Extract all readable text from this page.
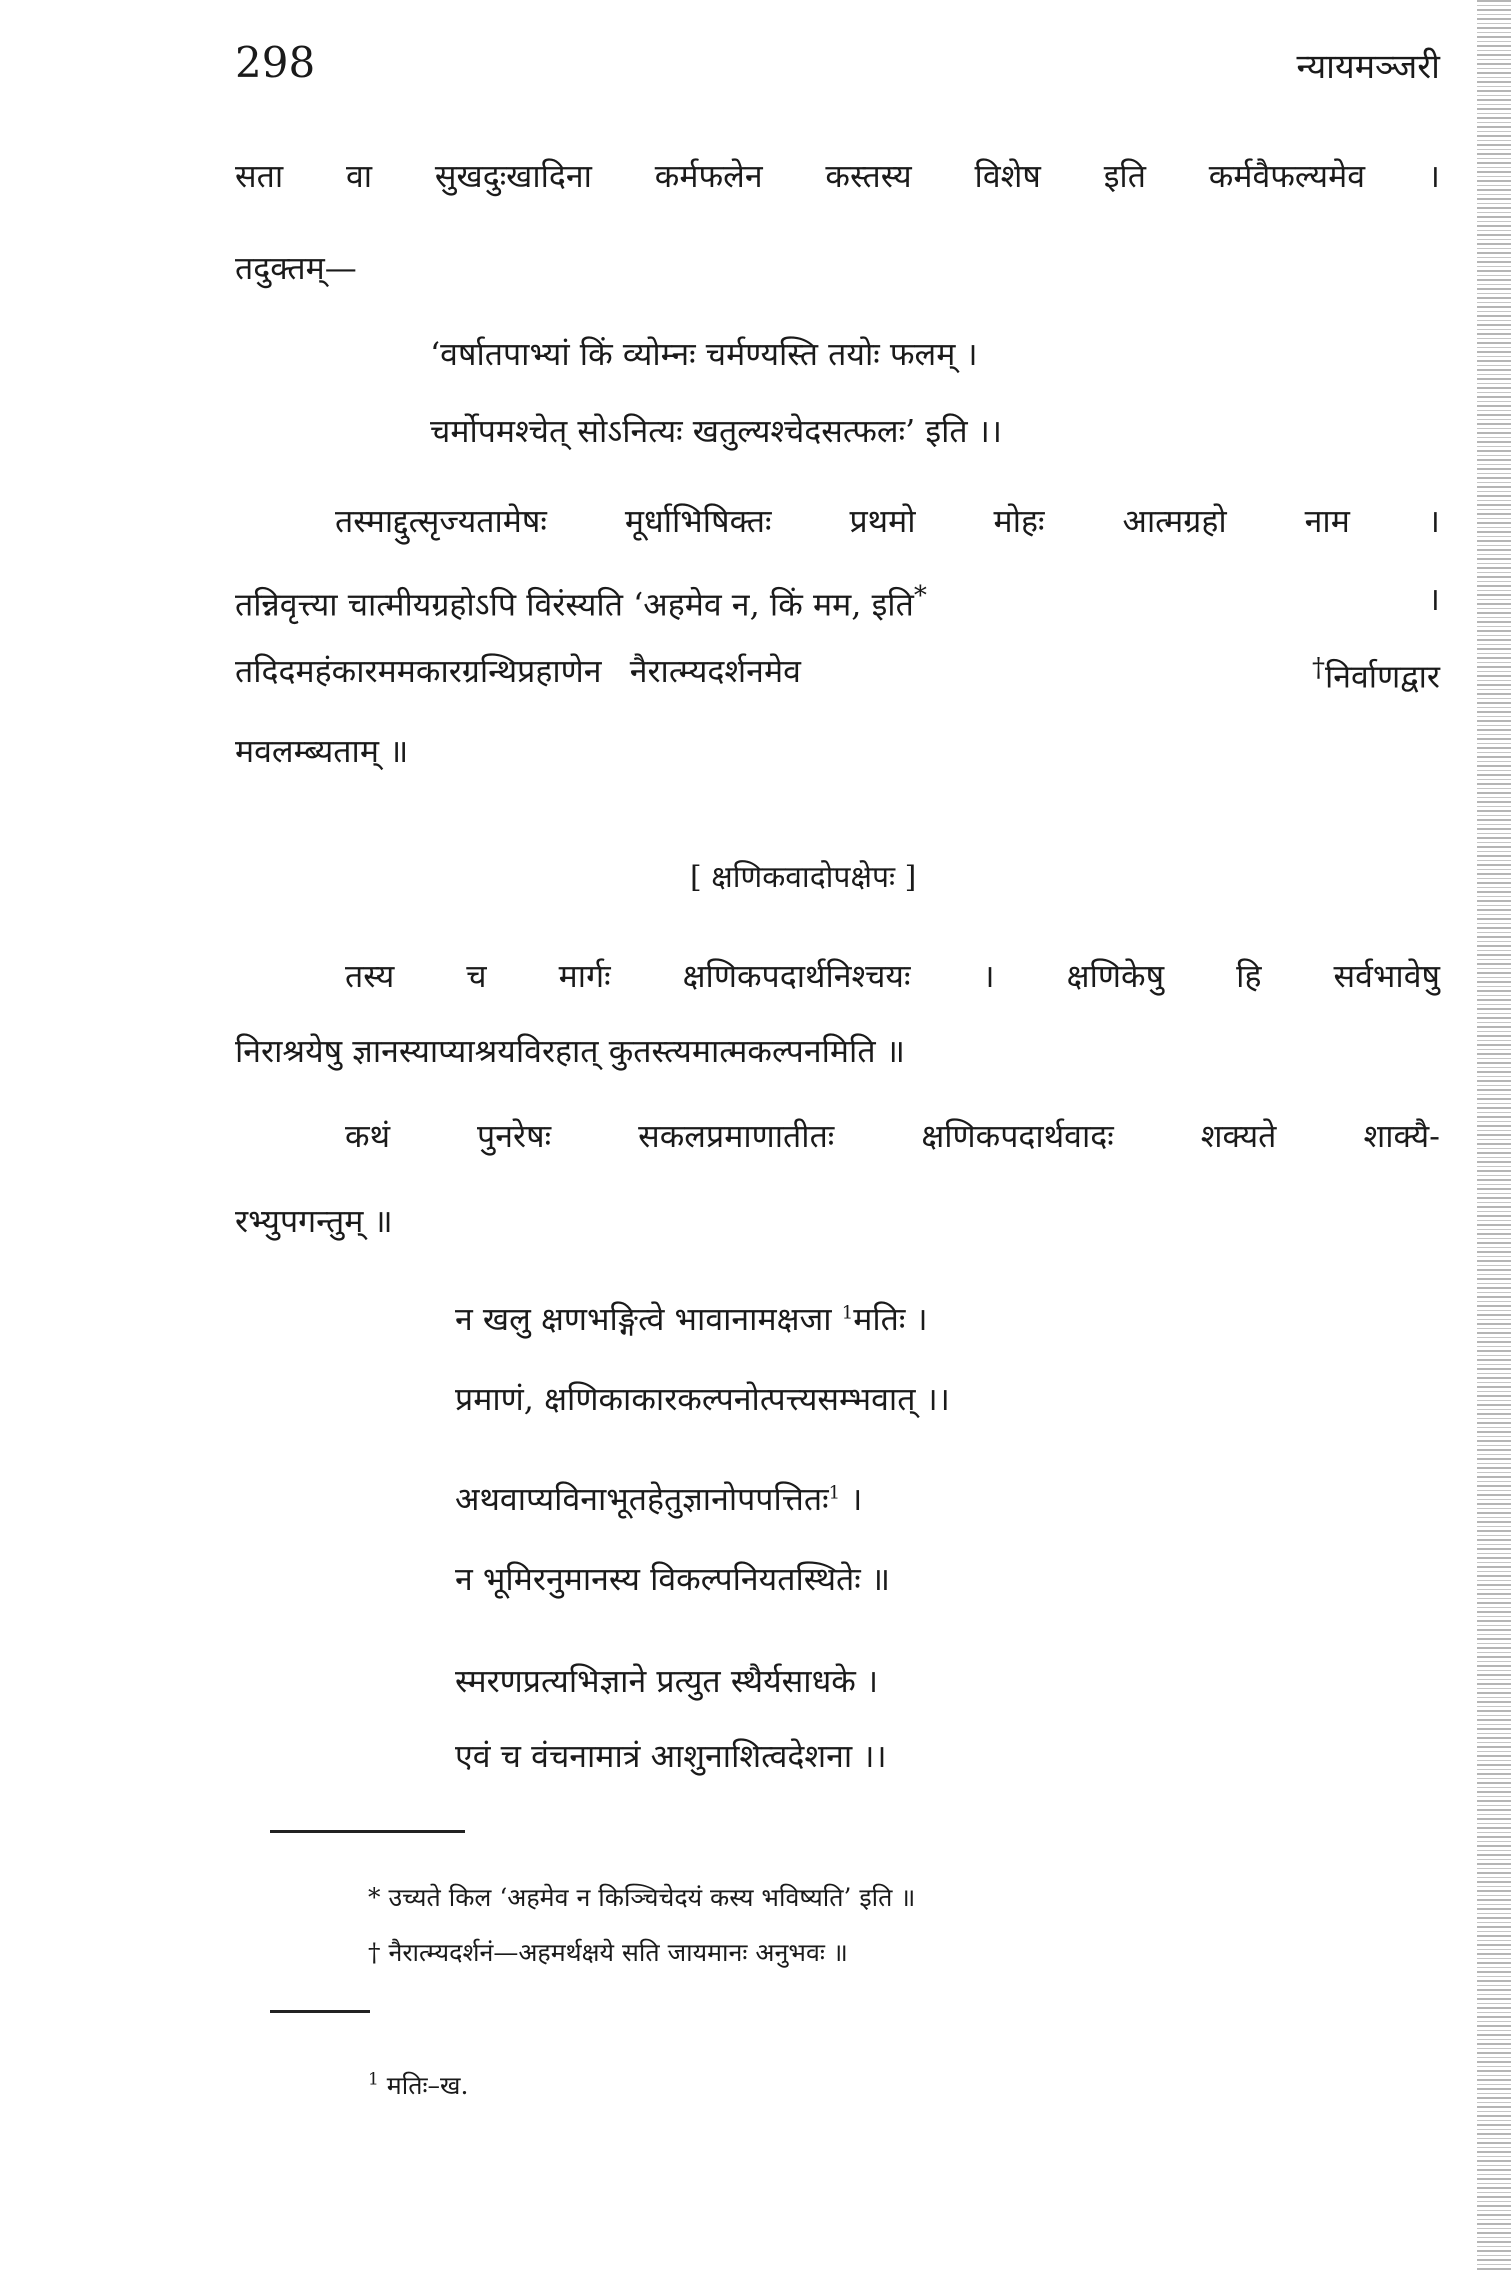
298	न्यायमञ्जरी
सता वा सुखदुःखादिना कर्मफलेन कस्तस्य विशेष इति कर्मवैफल्यमेव ।
तदुक्तम्—
‘वर्षातपाभ्यां किं व्योम्नः चर्मण्यस्ति तयोः फलम् ।
चर्मोपमश्चेत् सोऽनित्यः खतुल्यश्चेदसत्फलः’ इति ।।
तस्माद्दुत्सृज्यतामेषः मूर्धाभिषिक्तः प्रथमो मोहः आत्मग्रहो नाम ।
तन्निवृत्त्या चात्मीयग्रहोऽपि विरंस्यति ‘अहमेव न, किं मम, इति*	।
तदिदमहंकारममकारग्रन्थिप्रहाणेन नैरात्म्यदर्शनमेव	†निर्वाणद्वार
मवलम्ब्यताम् ॥
[ क्षणिकवादोपक्षेपः ]
तस्य च मार्गः क्षणिकपदार्थनिश्चयः । क्षणिकेषु हि सर्वभावेषु
निराश्रयेषु ज्ञानस्याप्याश्रयविरहात् कुतस्त्यमात्मकल्पनमिति ॥
कथं पुनरेषः सकलप्रमाणातीतः क्षणिकपदार्थवादः शक्यते शाक्यै-
रभ्युपगन्तुम् ॥
न खलु क्षणभङ्गित्वे भावानामक्षजा $^1$मतिः ।
प्रमाणं, क्षणिकाकारकल्पनोत्पत्त्यसम्भवात् ।।
अथवाप्यविनाभूतहेतुज्ञानोपपत्तितः$^1$ ।
न भूमिरनुमानस्य विकल्पनियतस्थितेः ॥
स्मरणप्रत्यभिज्ञाने प्रत्युत स्थैर्यसाधके ।
एवं च वंचनामात्रं आशुनाशित्वदेशना ।।
* उच्यते किल ‘अहमेव न किञ्चिचेदयं कस्य भविष्यति’ इति ॥
† नैरात्म्यदर्शनं—अहमर्थक्षये सति जायमानः अनुभवः ॥
$^1$ मतिः–ख.
